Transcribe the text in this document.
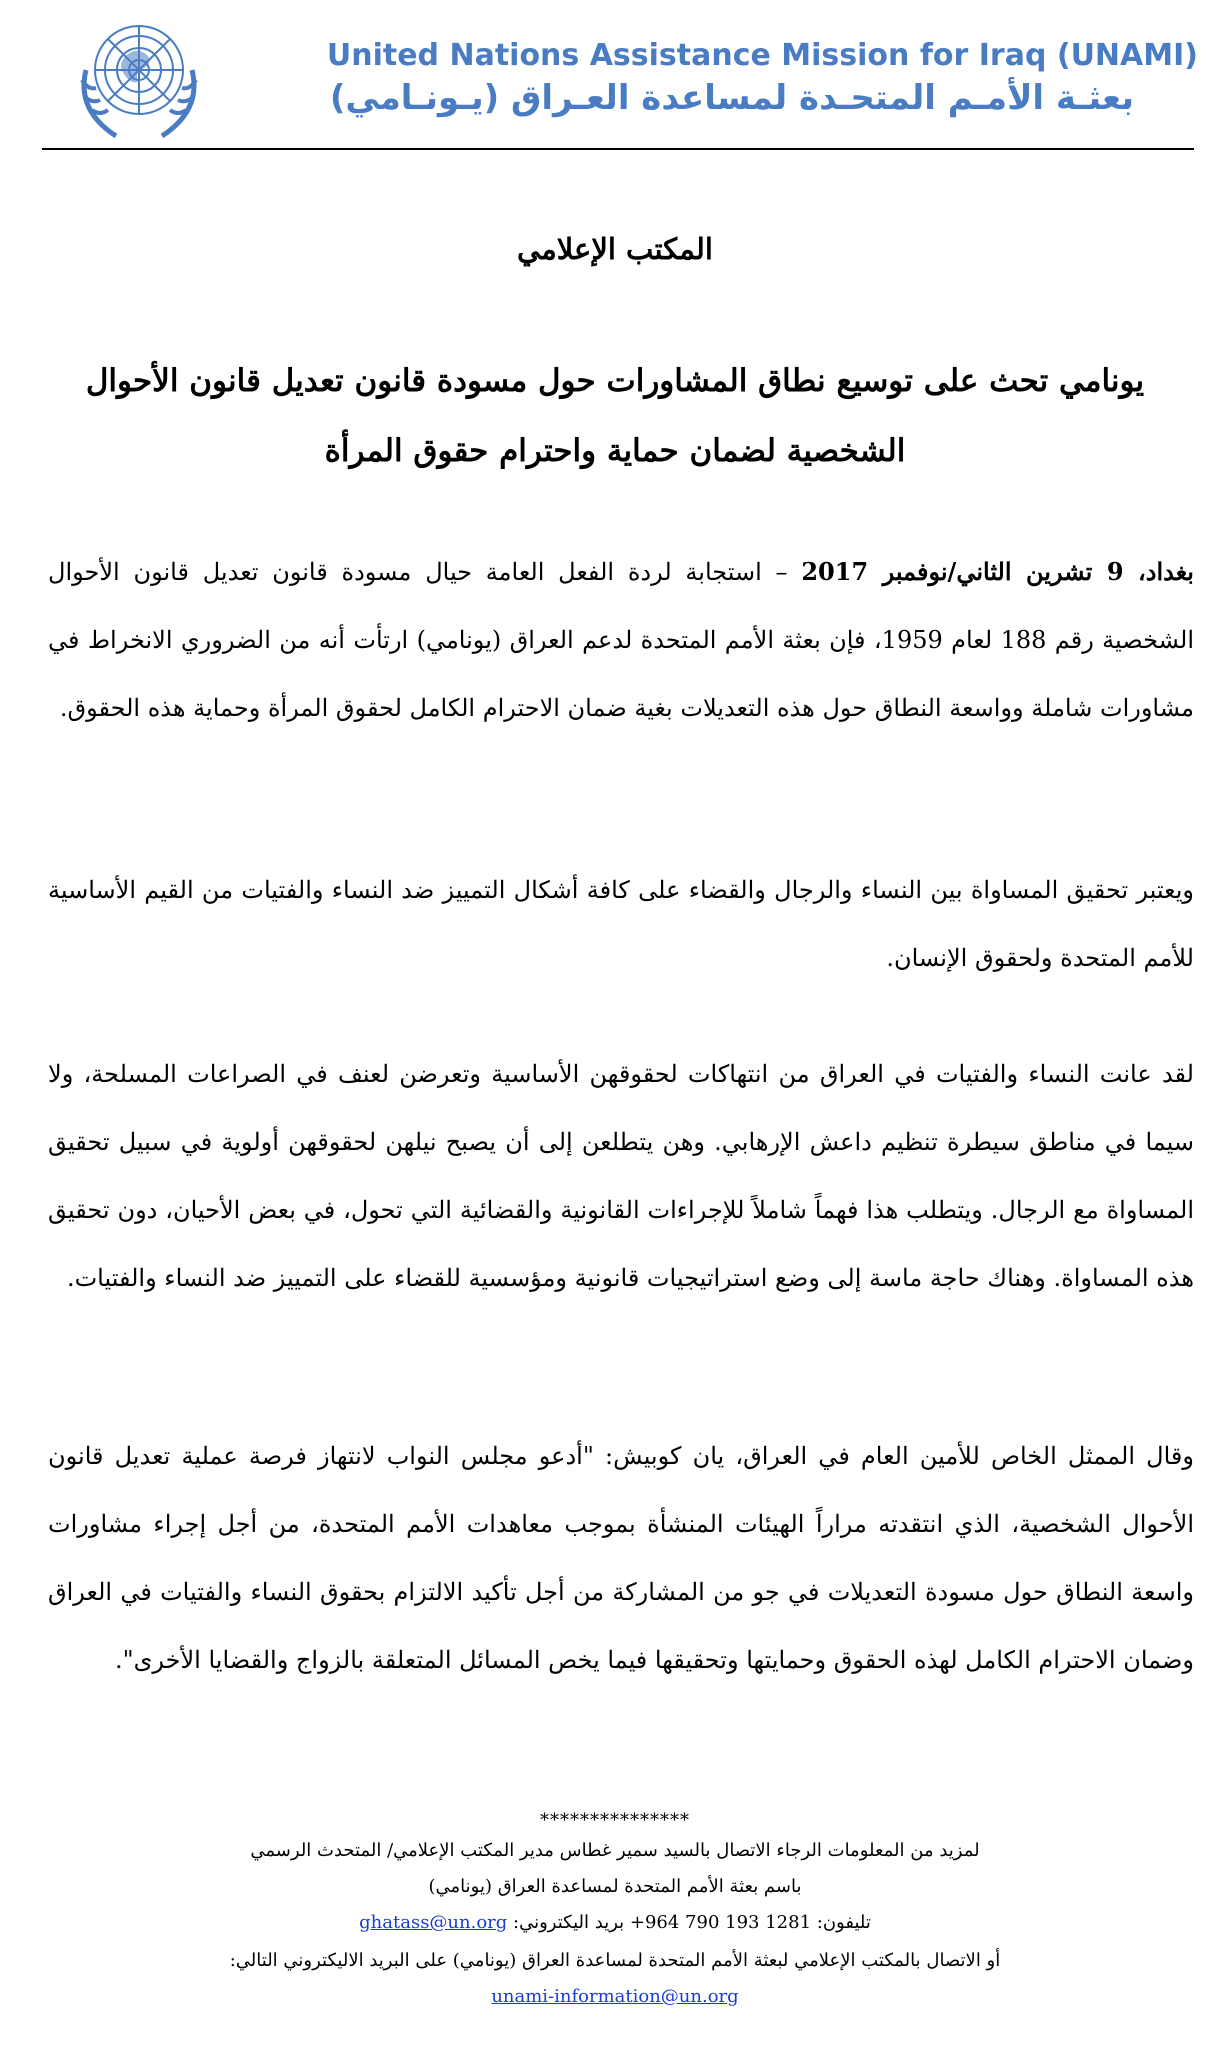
United Nations Assistance Mission for Iraq (UNAMI)
بعثـة الأمـم المتحـدة لمساعدة العـراق (يـونـامي)
المكتب الإعلامي
يونامي تحث على توسيع نطاق المشاورات حول مسودة قانون تعديل قانون الأحوال الشخصية لضمان حماية واحترام حقوق المرأة
بغداد، 9 تشرين الثاني/نوفمبر 2017 – استجابة لردة الفعل العامة حيال مسودة قانون تعديل قانون الأحوال الشخصية رقم 188 لعام 1959، فإن بعثة الأمم المتحدة لدعم العراق (يونامي) ارتأت أنه من الضروري الانخراط في مشاورات شاملة وواسعة النطاق حول هذه التعديلات بغية ضمان الاحترام الكامل لحقوق المرأة وحماية هذه الحقوق.
ويعتبر تحقيق المساواة بين النساء والرجال والقضاء على كافة أشكال التمييز ضد النساء والفتيات من القيم الأساسية للأمم المتحدة ولحقوق الإنسان.
لقد عانت النساء والفتيات في العراق من انتهاكات لحقوقهن الأساسية وتعرضن لعنف في الصراعات المسلحة، ولا سيما في مناطق سيطرة تنظيم داعش الإرهابي. وهن يتطلعن إلى أن يصبح نيلهن لحقوقهن أولوية في سبيل تحقيق المساواة مع الرجال. ويتطلب هذا فهماً شاملاً للإجراءات القانونية والقضائية التي تحول، في بعض الأحيان، دون تحقيق هذه المساواة. وهناك حاجة ماسة إلى وضع استراتيجيات قانونية ومؤسسية للقضاء على التمييز ضد النساء والفتيات.
وقال الممثل الخاص للأمين العام في العراق، يان كوبيش: "أدعو مجلس النواب لانتهاز فرصة عملية تعديل قانون الأحوال الشخصية، الذي انتقدته مراراً الهيئات المنشأة بموجب معاهدات الأمم المتحدة، من أجل إجراء مشاورات واسعة النطاق حول مسودة التعديلات في جو من المشاركة من أجل تأكيد الالتزام بحقوق النساء والفتيات في العراق وضمان الاحترام الكامل لهذه الحقوق وحمايتها وتحقيقها فيما يخص المسائل المتعلقة بالزواج والقضايا الأخرى".
***************
لمزيد من المعلومات الرجاء الاتصال بالسيد سمير غطاس مدير المكتب الإعلامي/ المتحدث الرسمي
باسم بعثة الأمم المتحدة لمساعدة العراق (يونامي)
تليفون: 1281 193 790 964+ بريد اليكتروني: ghatass@un.org
أو الاتصال بالمكتب الإعلامي لبعثة الأمم المتحدة لمساعدة العراق (يونامي) على البريد الاليكتروني التالي:
unami-information@un.org
